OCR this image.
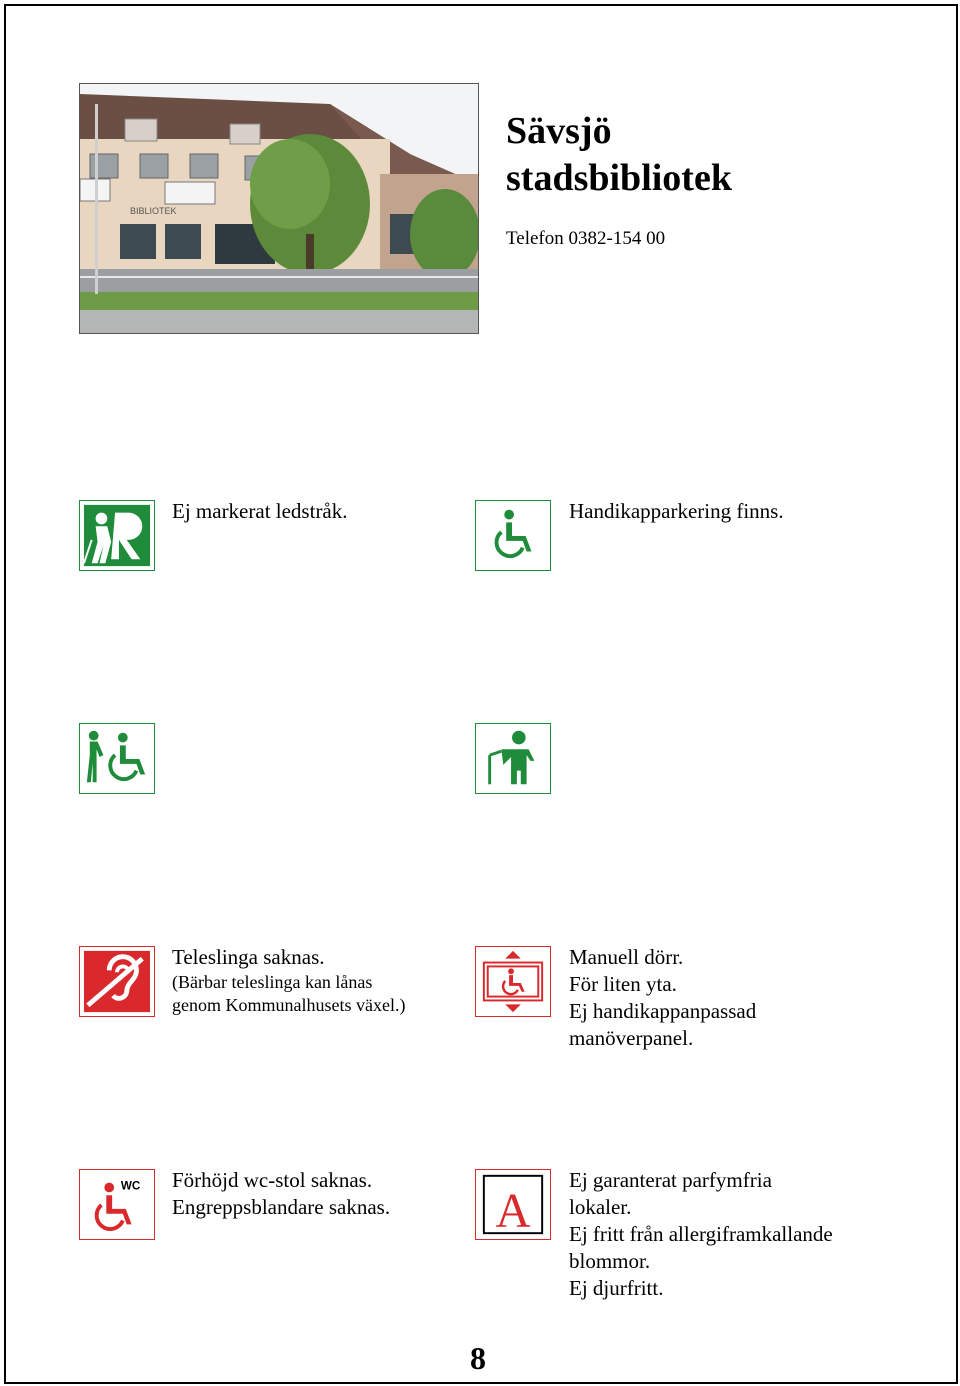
BIBLIOTEK
Sävsjö
stadsbibliotek
Telefon 0382-154 00
Ej markerat ledstråk.	Handikapparkering finns.
Teleslinga saknas.
(Bärbar teleslinga kan lånas
genom Kommunalhusets växel.)
Manuell dörr.
För liten yta.
Ej handikappanpassad
manöverpanel.
WC Förhöjd wc-stol saknas.
Engreppsblandare saknas. A
Ej garanterat parfymfria
lokaler.
Ej fritt från allergiframkallande
blommor.
Ej djurfritt.
8
